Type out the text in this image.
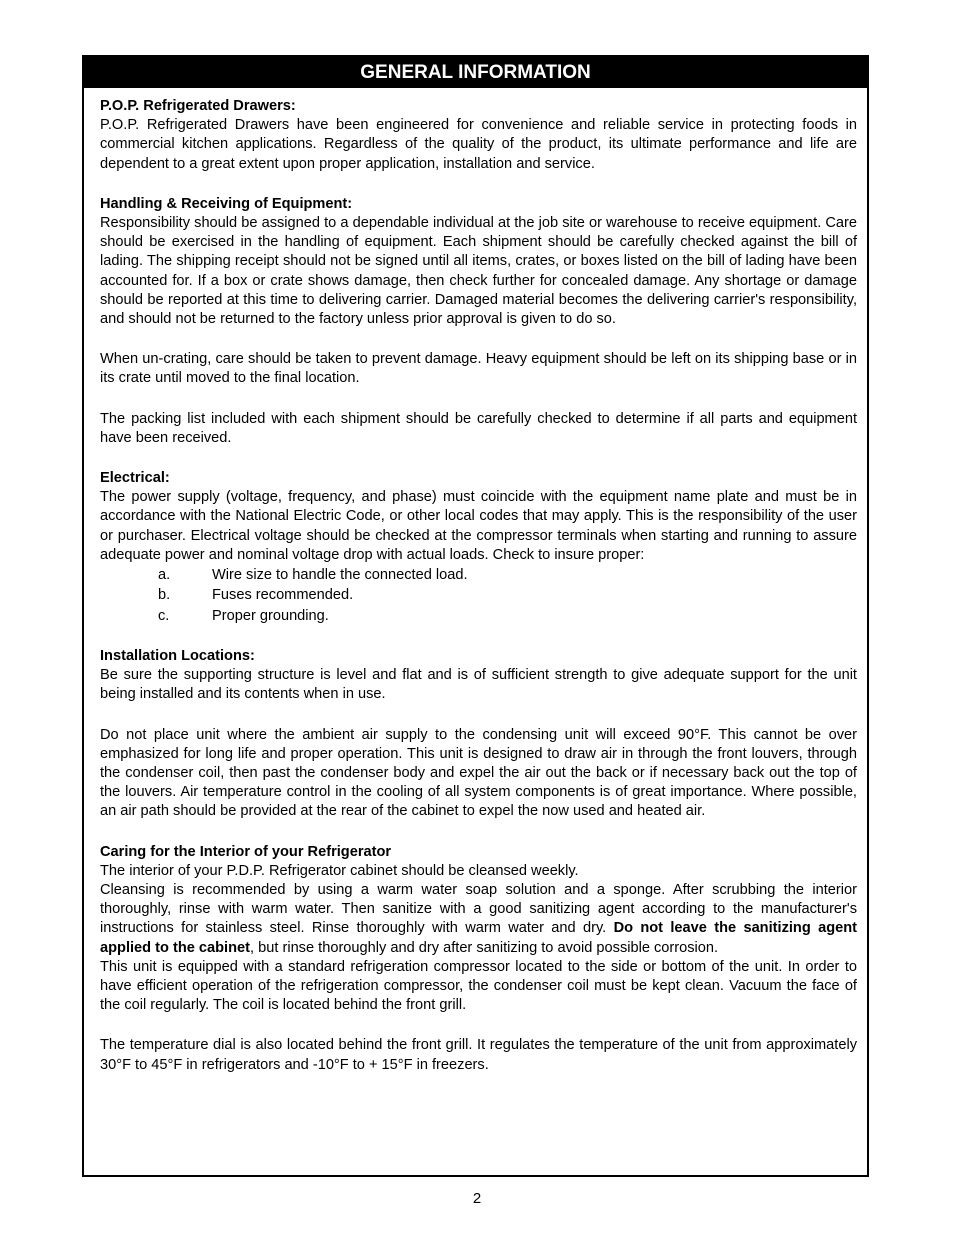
GENERAL INFORMATION

P.O.P. Refrigerated Drawers:

P.O.P. Refrigerated Drawers have been engineered for convenience and reliable service in protecting foods in commercial kitchen applications. Regardless of the quality of the product, its ultimate performance and life are dependent to a great extent upon proper application, installation and service.

Handling & Receiving of Equipment:

Responsibility should be assigned to a dependable individual at the job site or warehouse to receive equipment. Care should be exercised in the handling of equipment. Each shipment should be carefully checked against the bill of lading. The shipping receipt should not be signed until all items, crates, or boxes listed on the bill of lading have been accounted for. If a box or crate shows damage, then check further for concealed damage. Any shortage or damage should be reported at this time to delivering carrier. Damaged material becomes the delivering carrier's responsibility, and should not be returned to the factory unless prior approval is given to do so.

When un-crating, care should be taken to prevent damage. Heavy equipment should be left on its shipping base or in its crate until moved to the final location.

The packing list included with each shipment should be carefully checked to determine if all parts and equipment have been received.

Electrical:

The power supply (voltage, frequency, and phase) must coincide with the equipment name plate and must be in accordance with the National Electric Code, or other local codes that may apply. This is the responsibility of the user or purchaser. Electrical voltage should be checked at the compressor terminals when starting and running to assure adequate power and nominal voltage drop with actual loads. Check to insure proper:

a.	Wire size to handle the connected load.
b.	Fuses recommended.
c.	Proper grounding.

Installation Locations:

Be sure the supporting structure is level and flat and is of sufficient strength to give adequate support for the unit being installed and its contents when in use.

Do not place unit where the ambient air supply to the condensing unit will exceed 90°F. This cannot be over emphasized for long life and proper operation. This unit is designed to draw air in through the front louvers, through the condenser coil, then past the condenser body and expel the air out the back or if necessary back out the top of the louvers. Air temperature control in the cooling of all system components is of great importance. Where possible, an air path should be provided at the rear of the cabinet to expel the now used and heated air.

Caring for the Interior of your Refrigerator

The interior of your P.D.P. Refrigerator cabinet should be cleansed weekly.

Cleansing is recommended by using a warm water soap solution and a sponge. After scrubbing the interior thoroughly, rinse with warm water. Then sanitize with a good sanitizing agent according to the manufacturer's instructions for stainless steel. Rinse thoroughly with warm water and dry. Do not leave the sanitizing agent applied to the cabinet, but rinse thoroughly and dry after sanitizing to avoid possible corrosion.

This unit is equipped with a standard refrigeration compressor located to the side or bottom of the unit. In order to have efficient operation of the refrigeration compressor, the condenser coil must be kept clean. Vacuum the face of the coil regularly. The coil is located behind the front grill.

The temperature dial is also located behind the front grill. It regulates the temperature of the unit from approximately 30°F to 45°F in refrigerators and -10°F to + 15°F in freezers.

2
